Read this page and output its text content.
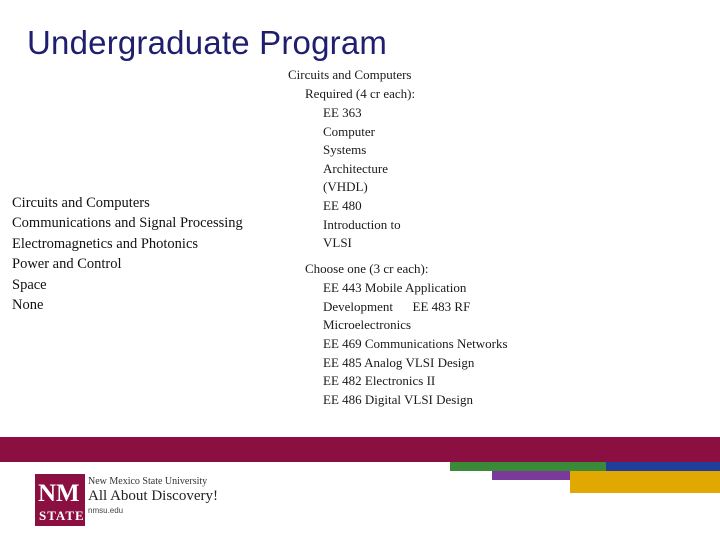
Undergraduate Program
Circuits and Computers
Communications and Signal Processing
Electromagnetics and Photonics
Power and Control
Space
None
Circuits and Computers
Required (4 cr each):
EE 363
Computer
Systems
Architecture
(VHDL)
EE 480
Introduction to
VLSI
Choose one (3 cr each):
EE 443 Mobile Application
Development      EE 483 RF
Microelectronics
EE 469 Communications Networks
EE 485 Analog VLSI Design
EE 482 Electronics II
EE 486 Digital VLSI Design
NM
STATE
New Mexico State University
All About Discovery!
nmsu.edu
